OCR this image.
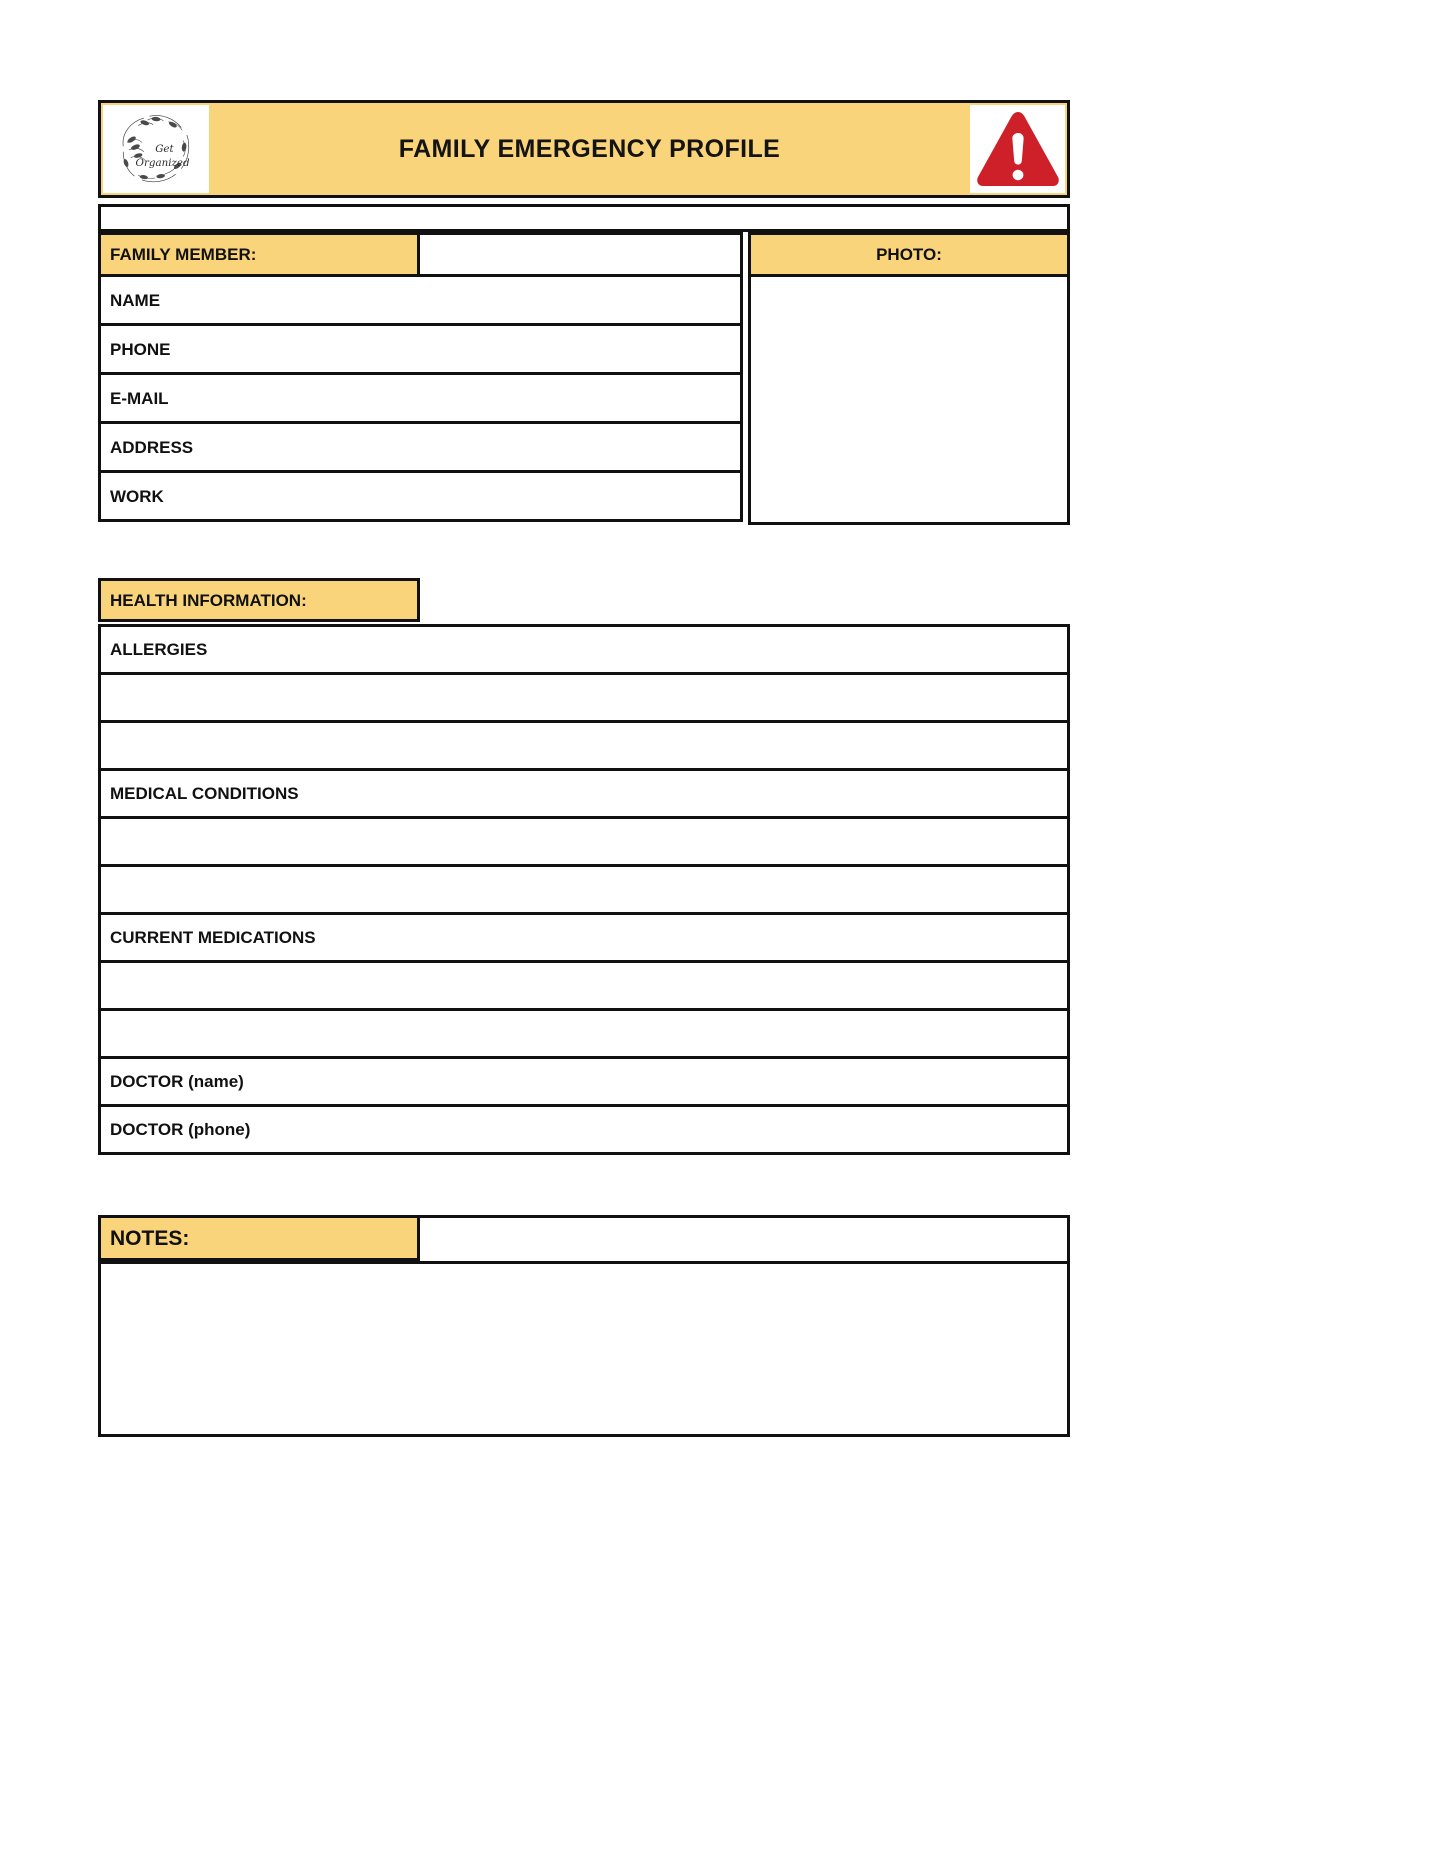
Get
Organized
FAMILY EMERGENCY PROFILE
FAMILY MEMBER:
NAME
PHONE
E-MAIL
ADDRESS
WORK
PHOTO:
HEALTH INFORMATION:
ALLERGIES
MEDICAL CONDITIONS
CURRENT MEDICATIONS
DOCTOR (name)
DOCTOR (phone)
NOTES:
